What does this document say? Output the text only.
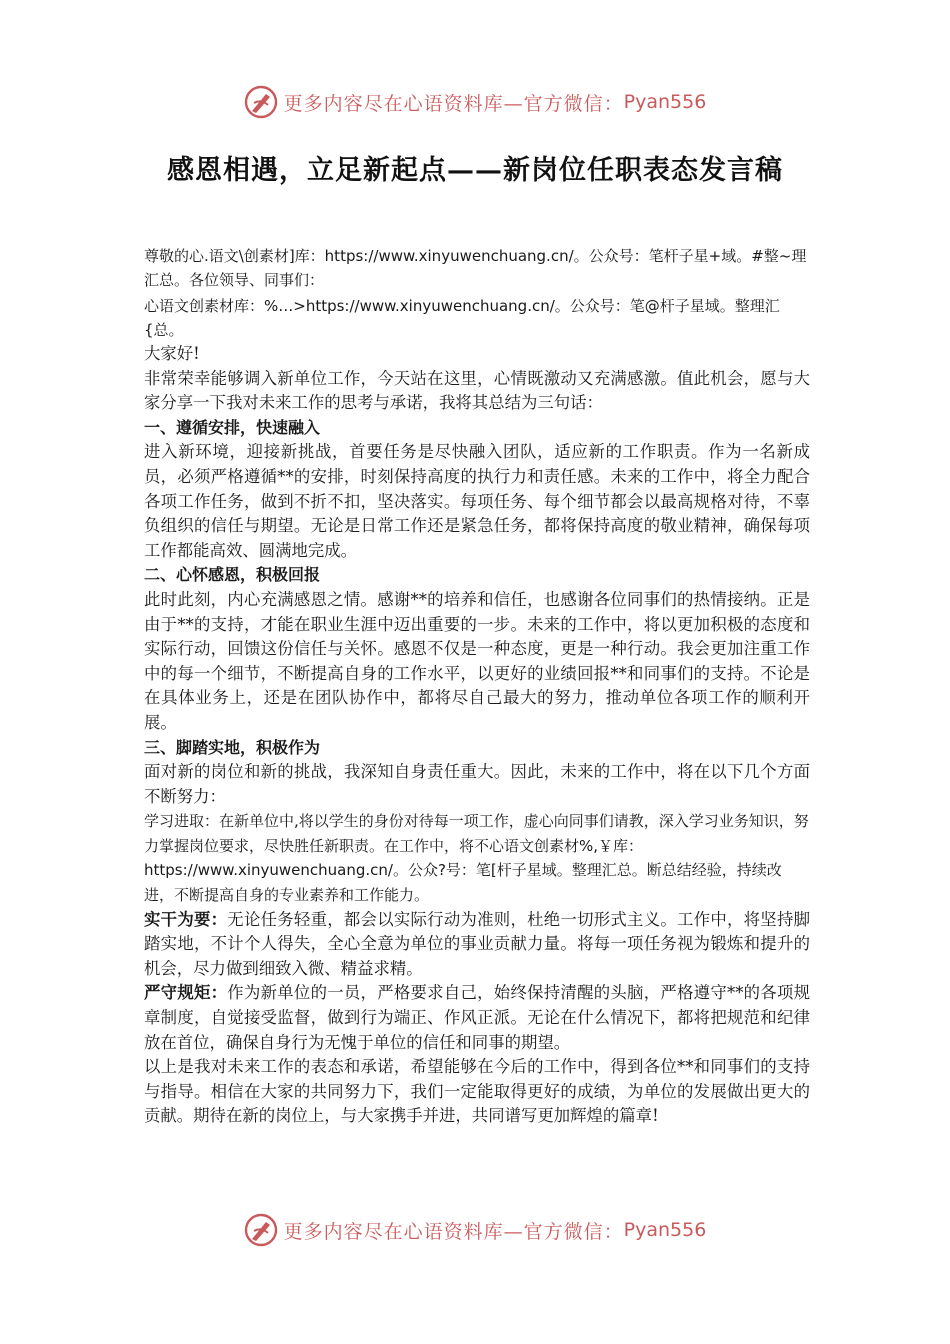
更多内容尽在心语资料库—官方微信： Pyan556
感恩相遇，立足新起点——新岗位任职表态发言稿

尊敬的心.语文\创素材]库：https://www.xinyuwenchuang.cn/。公众号：笔杆子星+域。#整~理汇总。各位领导、同事们：

心语文创素材库：%…>https://www.xinyuwenchuang.cn/。公众号：笔@杆子星域。整理汇{总。

大家好!

非常荣幸能够调入新单位工作，今天站在这里，心情既激动又充满感激。值此机会，愿与大家分享一下我对未来工作的思考与承诺，我将其总结为三句话：

一、遵循安排，快速融入

进入新环境，迎接新挑战，首要任务是尽快融入团队，适应新的工作职责。作为一名新成员，必须严格遵循**的安排，时刻保持高度的执行力和责任感。未来的工作中，将全力配合各项工作任务，做到不折不扣，坚决落实。每项任务、每个细节都会以最高规格对待，不辜负组织的信任与期望。无论是日常工作还是紧急任务，都将保持高度的敬业精神，确保每项工作都能高效、圆满地完成。

二、心怀感恩，积极回报

此时此刻，内心充满感恩之情。感谢**的培养和信任，也感谢各位同事们的热情接纳。正是由于**的支持，才能在职业生涯中迈出重要的一步。未来的工作中，将以更加积极的态度和实际行动，回馈这份信任与关怀。感恩不仅是一种态度，更是一种行动。我会更加注重工作中的每一个细节，不断提高自身的工作水平，以更好的业绩回报**和同事们的支持。不论是在具体业务上，还是在团队协作中，都将尽自己最大的努力，推动单位各项工作的顺利开展。

三、脚踏实地，积极作为

面对新的岗位和新的挑战，我深知自身责任重大。因此，未来的工作中，将在以下几个方面不断努力：

学习进取：在新单位中,将以学生的身份对待每一项工作，虚心向同事们请教，深入学习业务知识，努力掌握岗位要求，尽快胜任新职责。在工作中，将不心语文创素材%,￥库：https://www.xinyuwenchuang.cn/。公众?号：笔[杆子星域。整理汇总。断总结经验，持续改进，不断提高自身的专业素养和工作能力。

实干为要：无论任务轻重，都会以实际行动为准则，杜绝一切形式主义。工作中，将坚持脚踏实地，不计个人得失，全心全意为单位的事业贡献力量。将每一项任务视为锻炼和提升的机会，尽力做到细致入微、精益求精。

严守规矩：作为新单位的一员，严格要求自己，始终保持清醒的头脑，严格遵守**的各项规章制度，自觉接受监督，做到行为端正、作风正派。无论在什么情况下，都将把规范和纪律放在首位，确保自身行为无愧于单位的信任和同事的期望。

以上是我对未来工作的表态和承诺，希望能够在今后的工作中，得到各位**和同事们的支持与指导。相信在大家的共同努力下，我们一定能取得更好的成绩，为单位的发展做出更大的贡献。期待在新的岗位上，与大家携手并进，共同谱写更加辉煌的篇章!

更多内容尽在心语资料库—官方微信： Pyan556
